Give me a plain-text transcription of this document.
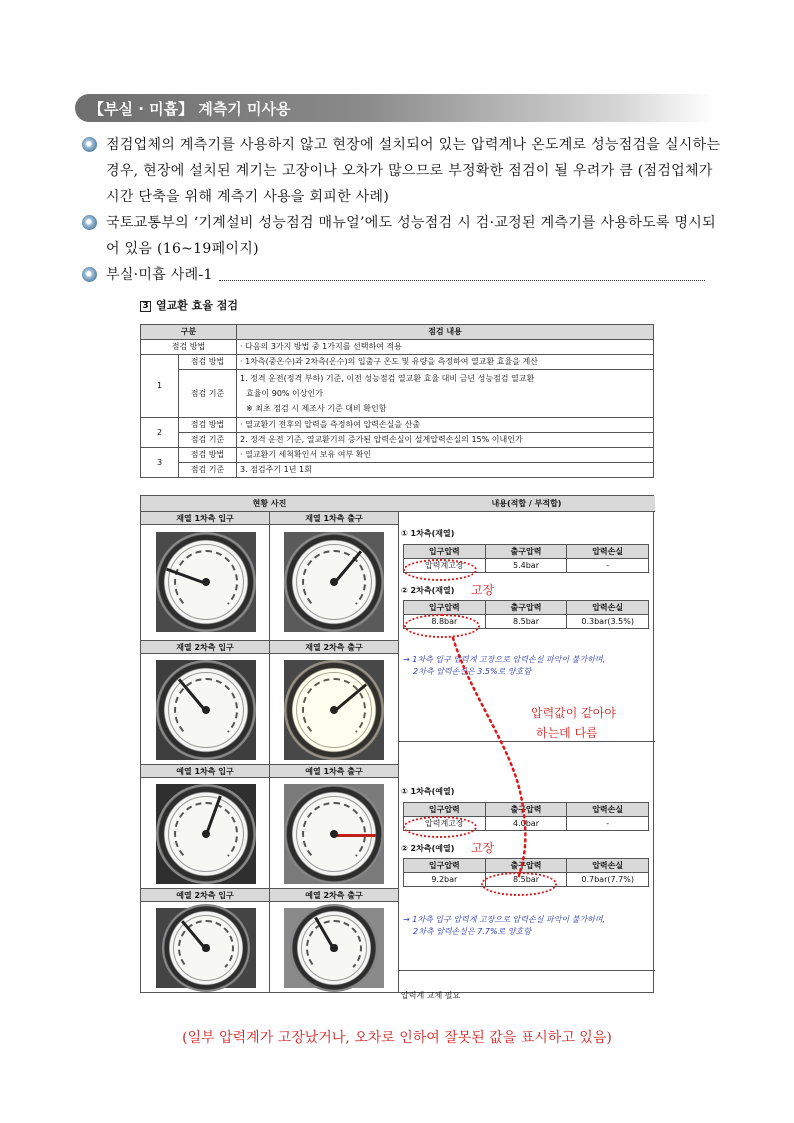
【부실 · 미흡】 계측기 미사용
점검업체의 계측기를 사용하지 않고 현장에 설치되어 있는 압력계나 온도계로 성능점검을 실시하는 경우, 현장에 설치된 계기는 고장이나 오차가 많으므로 부정확한 점검이 될 우려가 큼 (점검업체가 시간 단축을 위해 계측기 사용을 회피한 사례)
국토교통부의 ‘기계설비 성능점검 매뉴얼’에도 성능점검 시 검·교정된 계측기를 사용하도록 명시되어 있음 (16~19페이지)
부실·미흡 사례-1
3 열교환 효율 점검
구분		점검 내용
점검 방법		· 다음의 3가지 방법 중 1가지를 선택하여 적용
1	점검 방법	· 1차측(중온수)과 2차측(온수)의 입출구 온도 및 유량을 측정하여 열교환 효율을 계산
	점검 기준	1. 정격 운전(정격 부하) 기준, 이전 성능점검 열교환 효율 대비 금년 성능점검 열교환
효율이 90% 이상인가
※ 최초 점검 시 제조사 기준 대비 확인함

2	점검 방법	· 열교환기 전후의 압력을 측정하여 압력손실을 산출
	점검 기준	2. 정격 운전 기준, 열교환기의 증가된 압력손실이 설계압력손실의 15% 이내인가
3	점검 방법	· 열교환기 세척확인서 보유 여부 확인
	점검 기준	3. 점검주기 1년 1회
현황 사진	내용(적합 / 부적합)
재열 1차측 입구	재열 1차측 출구
재열 2차측 입구	재열 2차측 출구
예열 1차측 입구	예열 1차측 출구
예열 2차측 입구	예열 2차측 출구
① 1차측(재열)
입구압력	출구압력	압력손실
압력계고장	5.4bar	-
② 2차측(재열) 고장
입구압력	출구압력	압력손실
8.8bar	8.5bar	0.3bar(3.5%)
→ 1차측 입구 압력계 고장으로 압력손실 파악이 불가하며,
2차측 압력손실은 3.5%로 양호함
압력값이 같아야
하는데 다름
① 1차측(예열)
입구압력	출구압력	압력손실
압력계고장	4.0bar	-
② 2차측(예열) 고장
입구압력	출구압력	압력손실
9.2bar	8.5bar	0.7bar(7.7%)
→ 1차측 입구 압력계 고장으로 압력손실 파악이 불가하며,
2차측 압력손실은 7.7%로 양호함
압력계 교체 필요
(일부 압력계가 고장났거나, 오차로 인하여 잘못된 값을 표시하고 있음)
